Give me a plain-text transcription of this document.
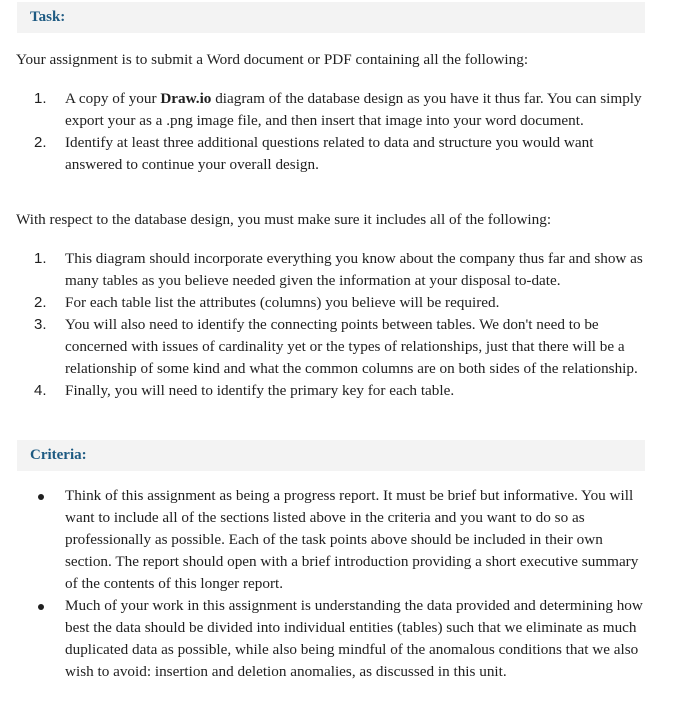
Task:

Your assignment is to submit a Word document or PDF containing all the following:

1.	A copy of your Draw.io diagram of the database design as you have it thus far. You can simply export your as a .png image file, and then insert that image into your word document.
2.	Identify at least three additional questions related to data and structure you would want answered to continue your overall design.

With respect to the database design, you must make sure it includes all of the following:

1.	This diagram should incorporate everything you know about the company thus far and show as many tables as you believe needed given the information at your disposal to-date.
2.	For each table list the attributes (columns) you believe will be required.
3.	You will also need to identify the connecting points between tables. We don't need to be concerned with issues of cardinality yet or the types of relationships, just that there will be a relationship of some kind and what the common columns are on both sides of the relationship.
4.	Finally, you will need to identify the primary key for each table.
Criteria:
Think of this assignment as being a progress report. It must be brief but informative. You will want to include all of the sections listed above in the criteria and you want to do so as professionally as possible. Each of the task points above should be included in their own section. The report should open with a brief introduction providing a short executive summary of the contents of this longer report.
Much of your work in this assignment is understanding the data provided and determining how best the data should be divided into individual entities (tables) such that we eliminate as much duplicated data as possible, while also being mindful of the anomalous conditions that we also wish to avoid: insertion and deletion anomalies, as discussed in this unit.
